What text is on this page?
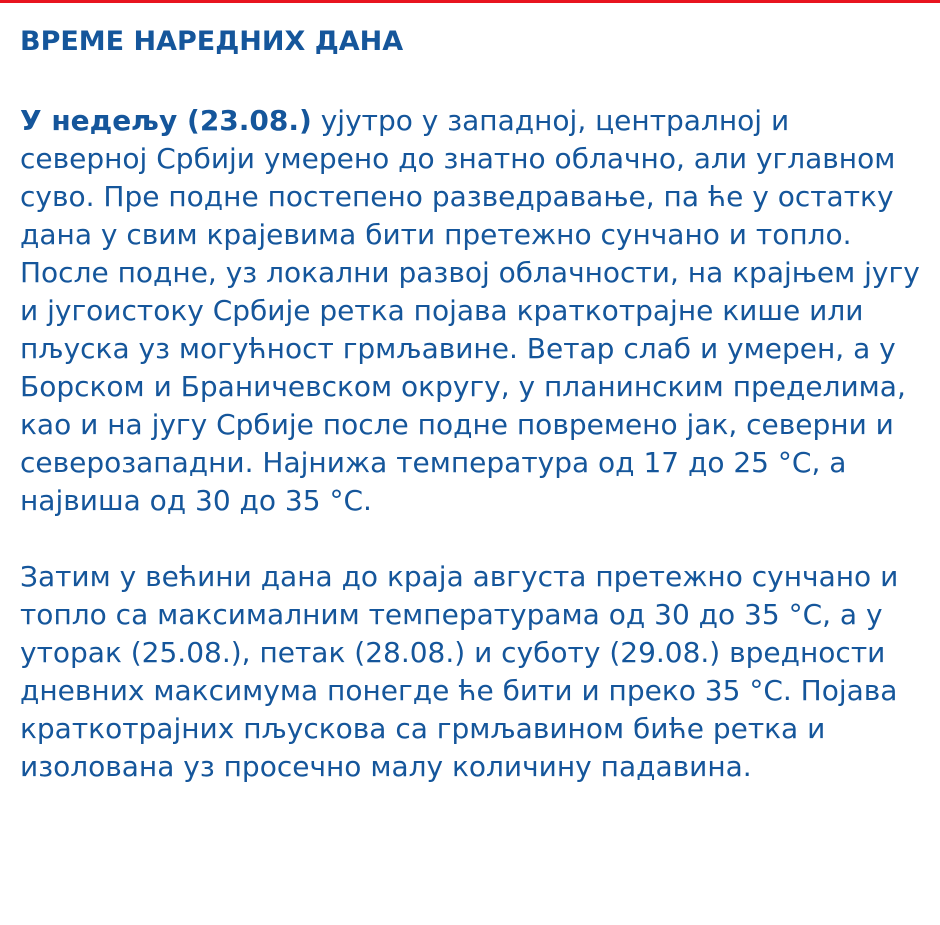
ВРЕМЕ НАРЕДНИХ ДАНА

У недељу (23.08.) ујутро у западној, централној и северној Србији умерено до знатно облачно, али углавном суво. Пре подне постепено разведравање, па ће у остатку дана у свим крајевима бити претежно сунчано и топло. После подне, уз локални развој облачности, на крајњем југу и југоистоку Србије ретка појава краткотрајне кише или пљуска уз могућност грмљавине. Ветар слаб и умерен, а у Борском и Браничевском округу, у планинским пределима, као и на југу Србије после подне повремено јак, северни и северозападни. Најнижа температура од 17 до 25 °C, а највиша од 30 до 35 °C.

Затим у већини дана до краја августа претежно сунчано и топло са максималним температурама од 30 до 35 °C, а у уторак (25.08.), петак (28.08.) и суботу (29.08.) вредности дневних максимума понегде ће бити и преко 35 °C. Појава краткотрајних пљускова са грмљавином биће ретка и изолована уз просечно малу количину падавина.
